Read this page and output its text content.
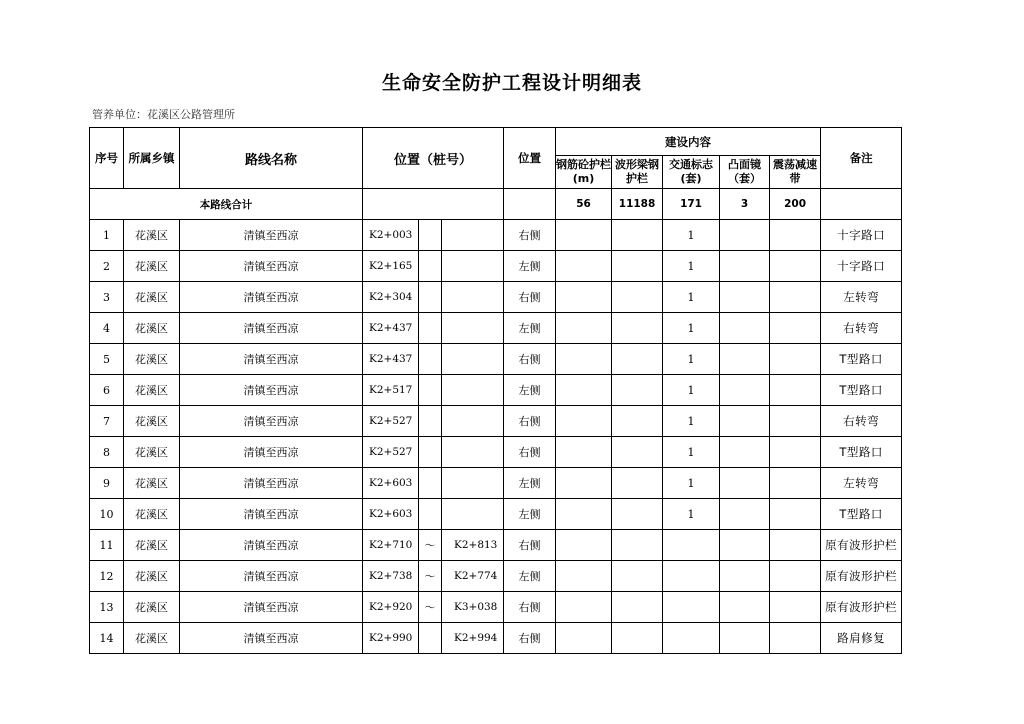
生命安全防护工程设计明细表
管养单位：花溪区公路管理所
序号	所属乡镇	路线名称	位置（桩号）			位置	建设内容					备注
							钢筋砼护栏(m)	波形梁钢护栏	交通标志(套)	凸面镜（套）	震荡减速带	
本路线合计							56	11188	171	3	200	
1	花溪区	清镇至西凉	K2+003			右侧			1			十字路口
2	花溪区	清镇至西凉	K2+165			左侧			1			十字路口
3	花溪区	清镇至西凉	K2+304			右侧			1			左转弯
4	花溪区	清镇至西凉	K2+437			左侧			1			右转弯
5	花溪区	清镇至西凉	K2+437			右侧			1			T型路口
6	花溪区	清镇至西凉	K2+517			左侧			1			T型路口
7	花溪区	清镇至西凉	K2+527			右侧			1			右转弯
8	花溪区	清镇至西凉	K2+527			右侧			1			T型路口
9	花溪区	清镇至西凉	K2+603			左侧			1			左转弯
10	花溪区	清镇至西凉	K2+603			左侧			1			T型路口
11	花溪区	清镇至西凉	K2+710	～	K2+813	右侧						原有波形护栏
12	花溪区	清镇至西凉	K2+738	～	K2+774	左侧						原有波形护栏
13	花溪区	清镇至西凉	K2+920	～	K3+038	右侧						原有波形护栏
14	花溪区	清镇至西凉	K2+990		K2+994	右侧						路肩修复
